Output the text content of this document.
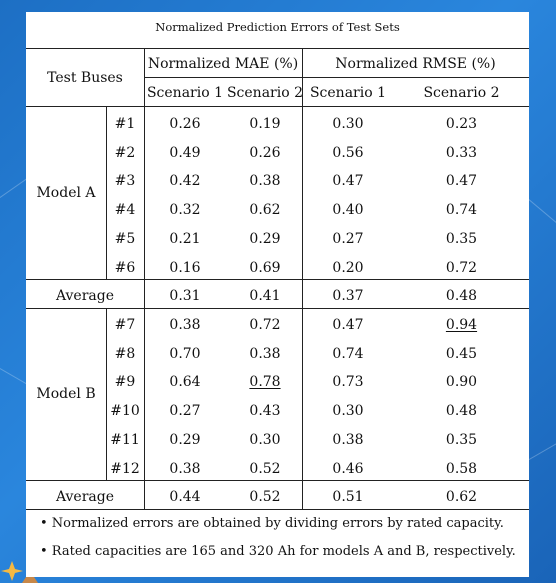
Normalized Prediction Errors of Test Sets
Test Buses
Normalized MAE (%)	Normalized RMSE (%)
Scenario 1 Scenario 2 Scenario 1	Scenario 2
Model A
Model B
#1	0.26	0.19	0.30	0.23
#2	0.49	0.26	0.56	0.33
#3	0.42	0.38	0.47	0.47
#4	0.32	0.62	0.40	0.74
#5	0.21	0.29	0.27	0.35
#6	0.16	0.69	0.20	0.72
Average	0.31	0.41	0.37	0.48
#7	0.38	0.72	0.47	0.94
#8	0.70	0.38	0.74	0.45
#9	0.64	0.78	0.73	0.90
#10	0.27	0.43	0.30	0.48
#11	0.29	0.30	0.38	0.35
#12	0.38	0.52	0.46	0.58
Average	0.44	0.52	0.51	0.62
• Normalized errors are obtained by dividing errors by rated capacity.
• Rated capacities are 165 and 320 Ah for models A and B, respectively.
